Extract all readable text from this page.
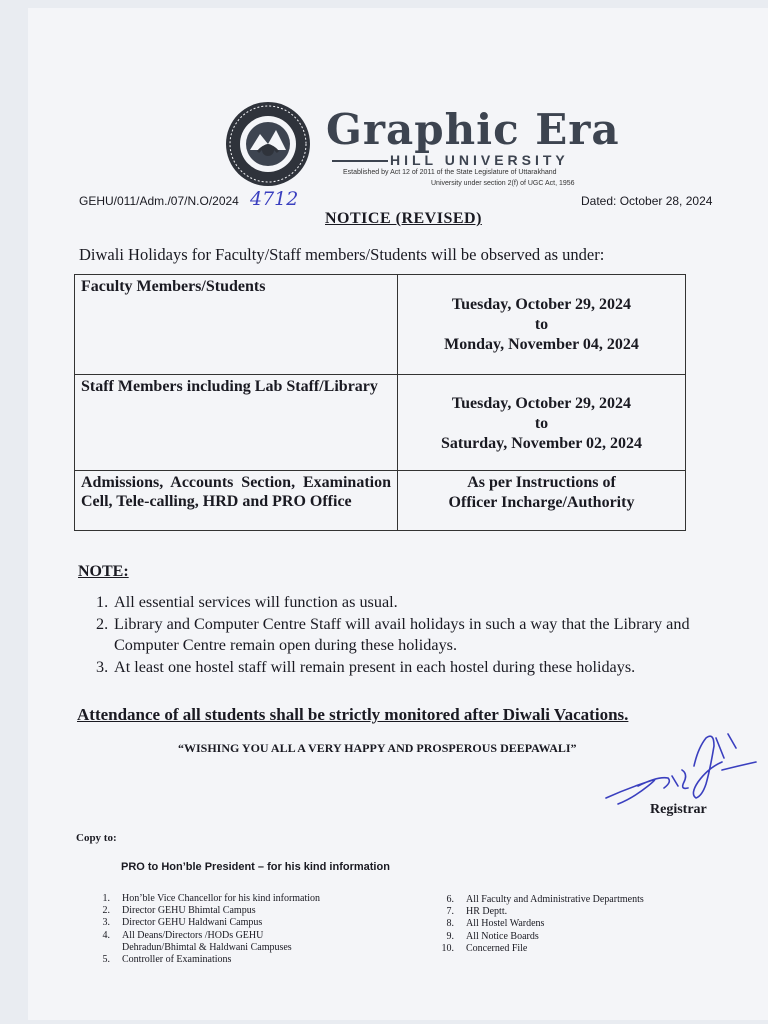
Graphic Era
HILL UNIVERSITY
Established by Act 12 of 2011 of the State Legislature of Uttarakhand
University under section 2(f) of UGC Act, 1956
GEHU/011/Adm./07/N.O/2024 4712	Dated: October 28, 2024
NOTICE (REVISED)
Diwali Holidays for Faculty/Staff members/Students will be observed as under:
Faculty Members/Students	Tuesday, October 29, 2024
to
Monday, November 04, 2024

Staff Members including Lab Staff/Library	Tuesday, October 29, 2024
to
Saturday, November 02, 2024

Admissions, Accounts Section, Examination Cell, Tele-calling, HRD and PRO Office	As per Instructions of
Officer Incharge/Authority
NOTE:
1. All essential services will function as usual.
2. Library and Computer Centre Staff will avail holidays in such a way that the Library and Computer Centre remain open during these holidays.
3. At least one hostel staff will remain present in each hostel during these holidays.
Attendance of all students shall be strictly monitored after Diwali Vacations.
“WISHING YOU ALL A VERY HAPPY AND PROSPEROUS DEEPAWALI”
Registrar
Copy to:
PRO to Hon’ble President – for his kind information
1.	Hon’ble Vice Chancellor for his kind information
2.	Director GEHU Bhimtal Campus
3.	Director GEHU Haldwani Campus
4.	All Deans/Directors /HODs GEHU
Dehradun/Bhimtal & Haldwani Campuses
5.	Controller of Examinations
6.	All Faculty and Administrative Departments
7.	HR Deptt.
8.	All Hostel Wardens
9.	All Notice Boards
10.	Concerned File
